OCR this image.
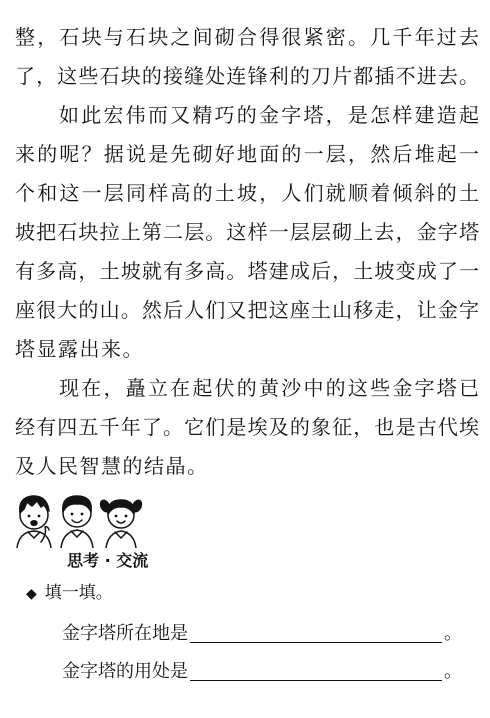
整，石块与石块之间砌合得很紧密。几千年过去
了，这些石块的接缝处连锋利的刀片都插不进去。
如此宏伟而又精巧的金字塔，是怎样建造起
来的呢？据说是先砌好地面的一层，然后堆起一
个和这一层同样高的土坡，人们就顺着倾斜的土
坡把石块拉上第二层。这样一层层砌上去，金字塔
有多高，土坡就有多高。塔建成后，土坡变成了一
座很大的山。然后人们又把这座土山移走，让金字
塔显露出来。
现在，矗立在起伏的黄沙中的这些金字塔已
经有四五千年了。它们是埃及的象征，也是古代埃
及人民智慧的结晶。
思考 · 交流
◆ 填一填。
金字塔所在地是	。
金字塔的用处是	。
